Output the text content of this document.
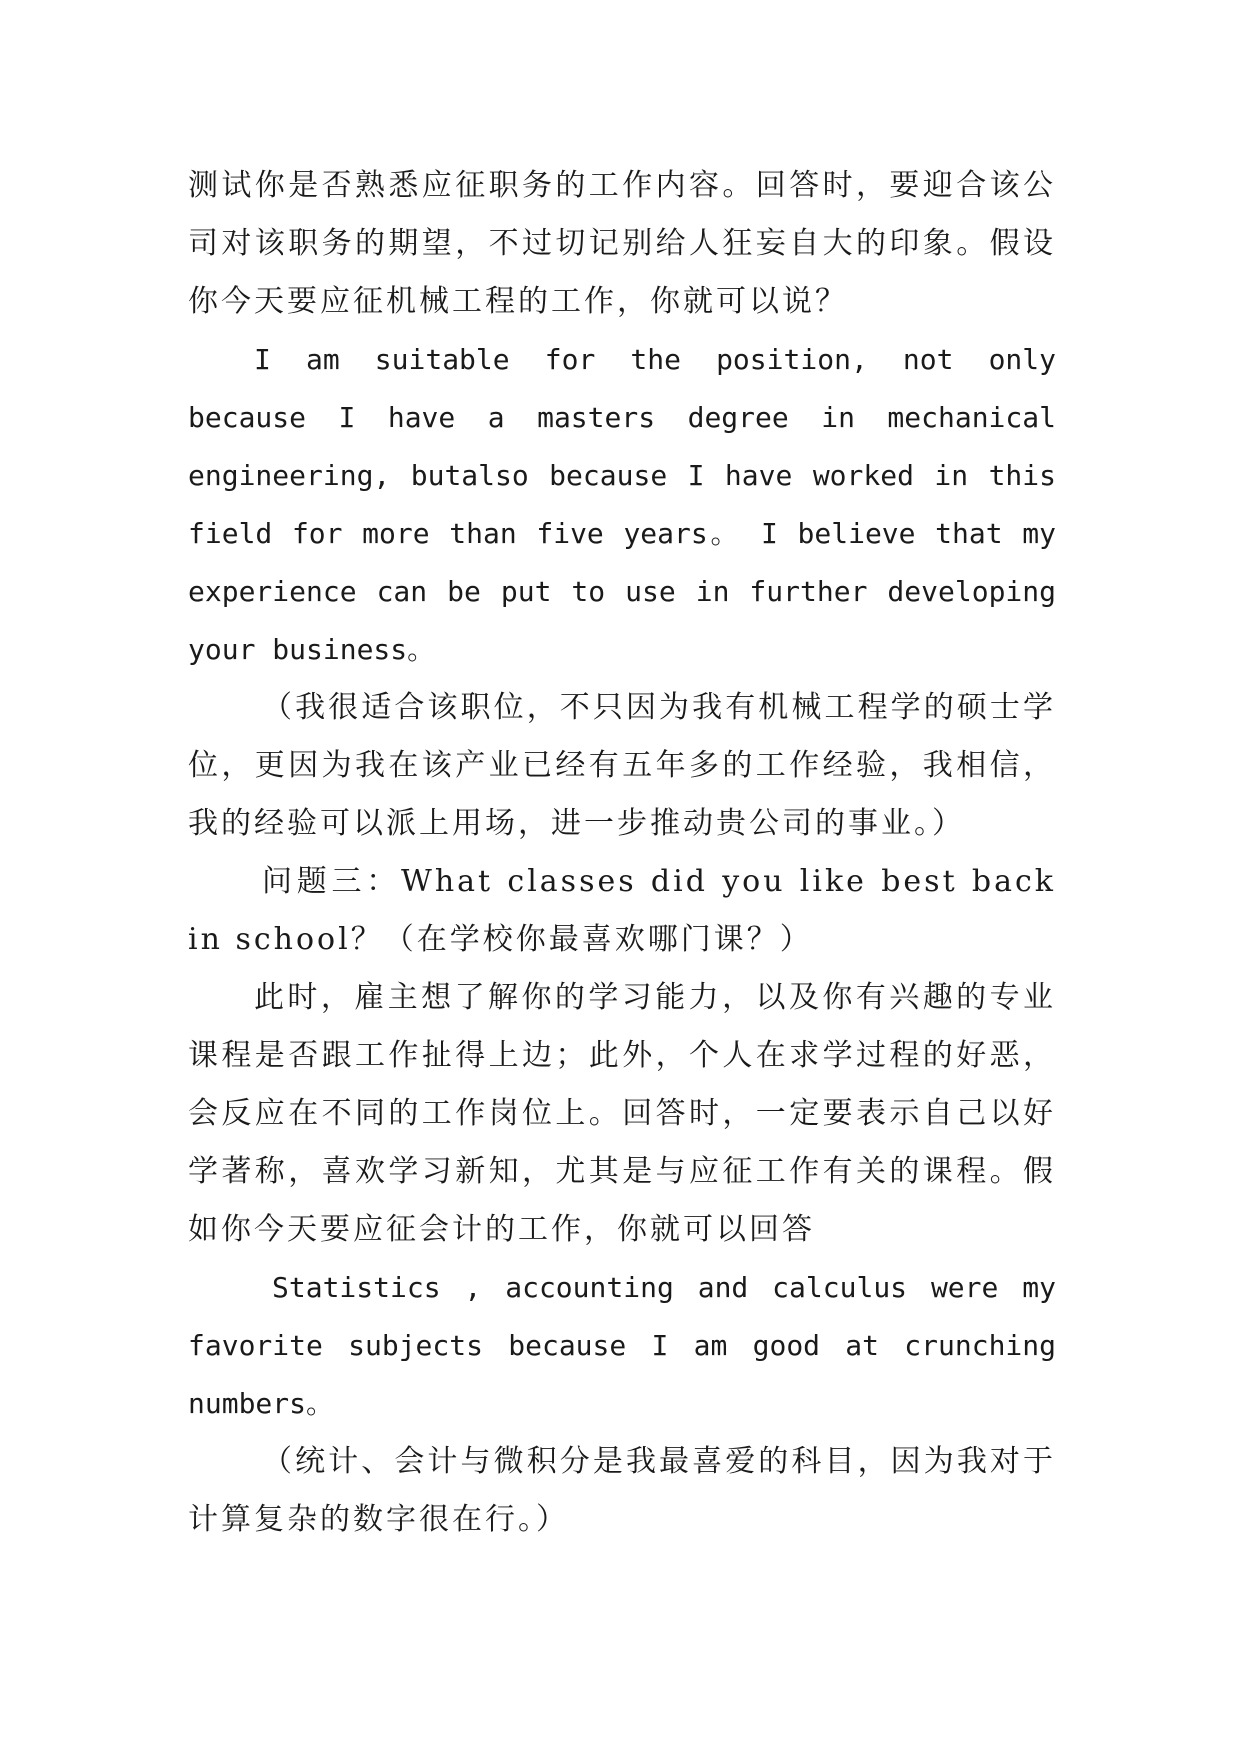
测试你是否熟悉应征职务的工作内容。回答时，要迎合该公司对该职务的期望，不过切记别给人狂妄自大的印象。假设你今天要应征机械工程的工作，你就可以说？

I am suitable for the position, not only because I have a masters degree in mechanical engineering, butalso because I have worked in this field for more than five years。 I believe that my experience can be put to use in further developing your business。

（我很适合该职位，不只因为我有机械工程学的硕士学位，更因为我在该产业已经有五年多的工作经验，我相信，我的经验可以派上用场，进一步推动贵公司的事业。）

问题三：What classes did you like best back in school？（在学校你最喜欢哪门课？）

此时，雇主想了解你的学习能力，以及你有兴趣的专业课程是否跟工作扯得上边；此外，个人在求学过程的好恶，会反应在不同的工作岗位上。回答时，一定要表示自己以好学著称，喜欢学习新知，尤其是与应征工作有关的课程。假如你今天要应征会计的工作，你就可以回答

Statistics , accounting and calculus were my favorite subjects because I am good at crunching numbers。

（统计、会计与微积分是我最喜爱的科目，因为我对于计算复杂的数字很在行。）
